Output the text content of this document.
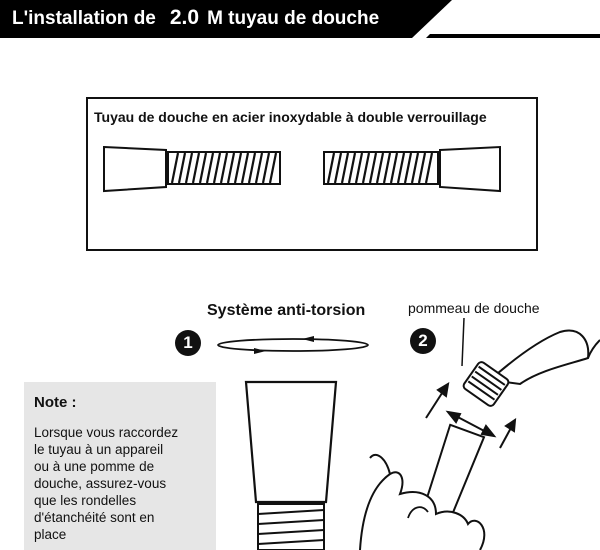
L'installation de 2.0 M tuyau de douche
Tuyau de douche en acier inoxydable à double verrouillage
Système anti-torsion
1
pommeau de douche
2
Note :
Lorsque vous raccordez
le tuyau à un appareil
ou à une pomme de
douche, assurez-vous
que les rondelles
d'étanchéité sont en
place
